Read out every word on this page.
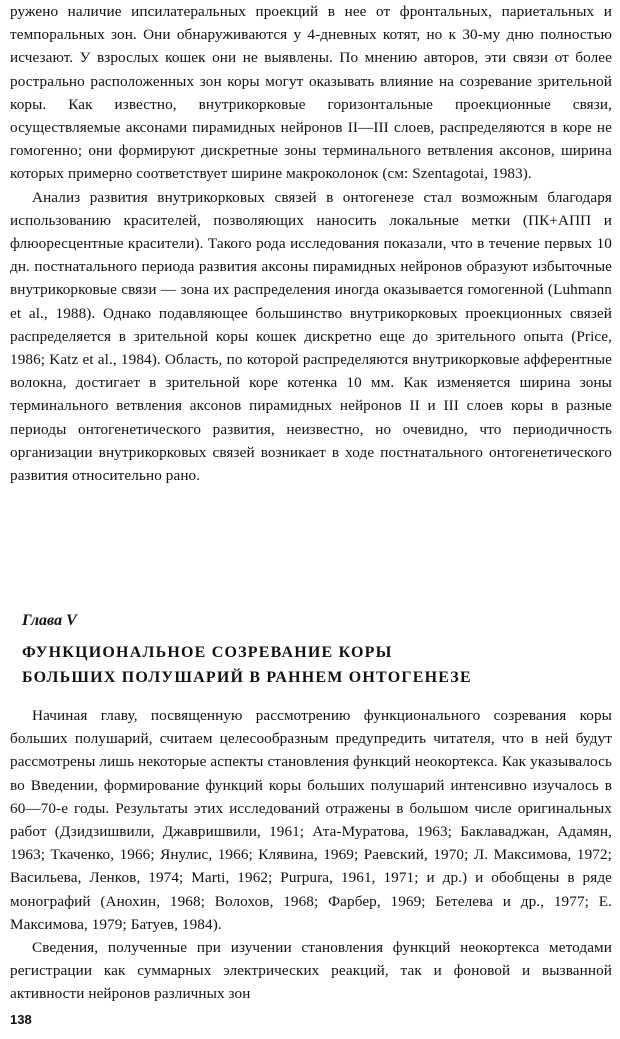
ружено наличие ипсилатеральных проекций в нее от фронтальных, париетальных и темпоральных зон. Они обнаруживаются у 4-дневных котят, но к 30-му дню полностью исчезают. У взрослых кошек они не выявлены. По мнению авторов, эти связи от более рострально расположенных зон коры могут оказывать влияние на созревание зрительной коры. Как известно, внутрикорковые горизонтальные проекционные связи, осуществляемые аксонами пирамидных нейронов II—III слоев, распределяются в коре не гомогенно; они формируют дискретные зоны терминального ветвления аксонов, ширина которых примерно соответствует ширине макроколонок (см: Szentagotai, 1983).

Анализ развития внутрикорковых связей в онтогенезе стал возможным благодаря использованию красителей, позволяющих наносить локальные метки (ПК+АПП и флюоресцентные красители). Такого рода исследования показали, что в течение первых 10 дн. постнатального периода развития аксоны пирамидных нейронов образуют избыточные внутрикорковые связи — зона их распределения иногда оказывается гомогенной (Luhmann et al., 1988). Однако подавляющее большинство внутрикорковых проекционных связей распределяется в зрительной коры кошек дискретно еще до зрительного опыта (Price, 1986; Katz et al., 1984). Область, по которой распределяются внутрикорковые афферентные волокна, достигает в зрительной коре котенка 10 мм. Как изменяется ширина зоны терминального ветвления аксонов пирамидных нейронов II и III слоев коры в разные периоды онтогенетического развития, неизвестно, но очевидно, что периодичность организации внутрикорковых связей возникает в ходе постнатального онтогенетического развития относительно рано.

Глава V
ФУНКЦИОНАЛЬНОЕ СОЗРЕВАНИЕ КОРЫ
БОЛЬШИХ ПОЛУШАРИЙ В РАННЕМ ОНТОГЕНЕЗЕ

Начиная главу, посвященную рассмотрению функционального созревания коры больших полушарий, считаем целесообразным предупредить читателя, что в ней будут рассмотрены лишь некоторые аспекты становления функций неокортекса. Как указывалось во Введении, формирование функций коры больших полушарий интенсивно изучалось в 60—70-е годы. Результаты этих исследований отражены в большом числе оригинальных работ (Дзидзишвили, Джавришвили, 1961; Ата-Муратова, 1963; Баклаваджан, Адамян, 1963; Ткаченко, 1966; Янулис, 1966; Клявина, 1969; Раевский, 1970; Л. Максимова, 1972; Васильева, Ленков, 1974; Marti, 1962; Purpura, 1961, 1971; и др.) и обобщены в ряде монографий (Анохин, 1968; Волохов, 1968; Фарбер, 1969; Бетелева и др., 1977; Е. Максимова, 1979; Батуев, 1984).

Сведения, полученные при изучении становления функций неокортекса методами регистрации как суммарных электрических реакций, так и фоновой и вызванной активности нейронов различных зон

138
